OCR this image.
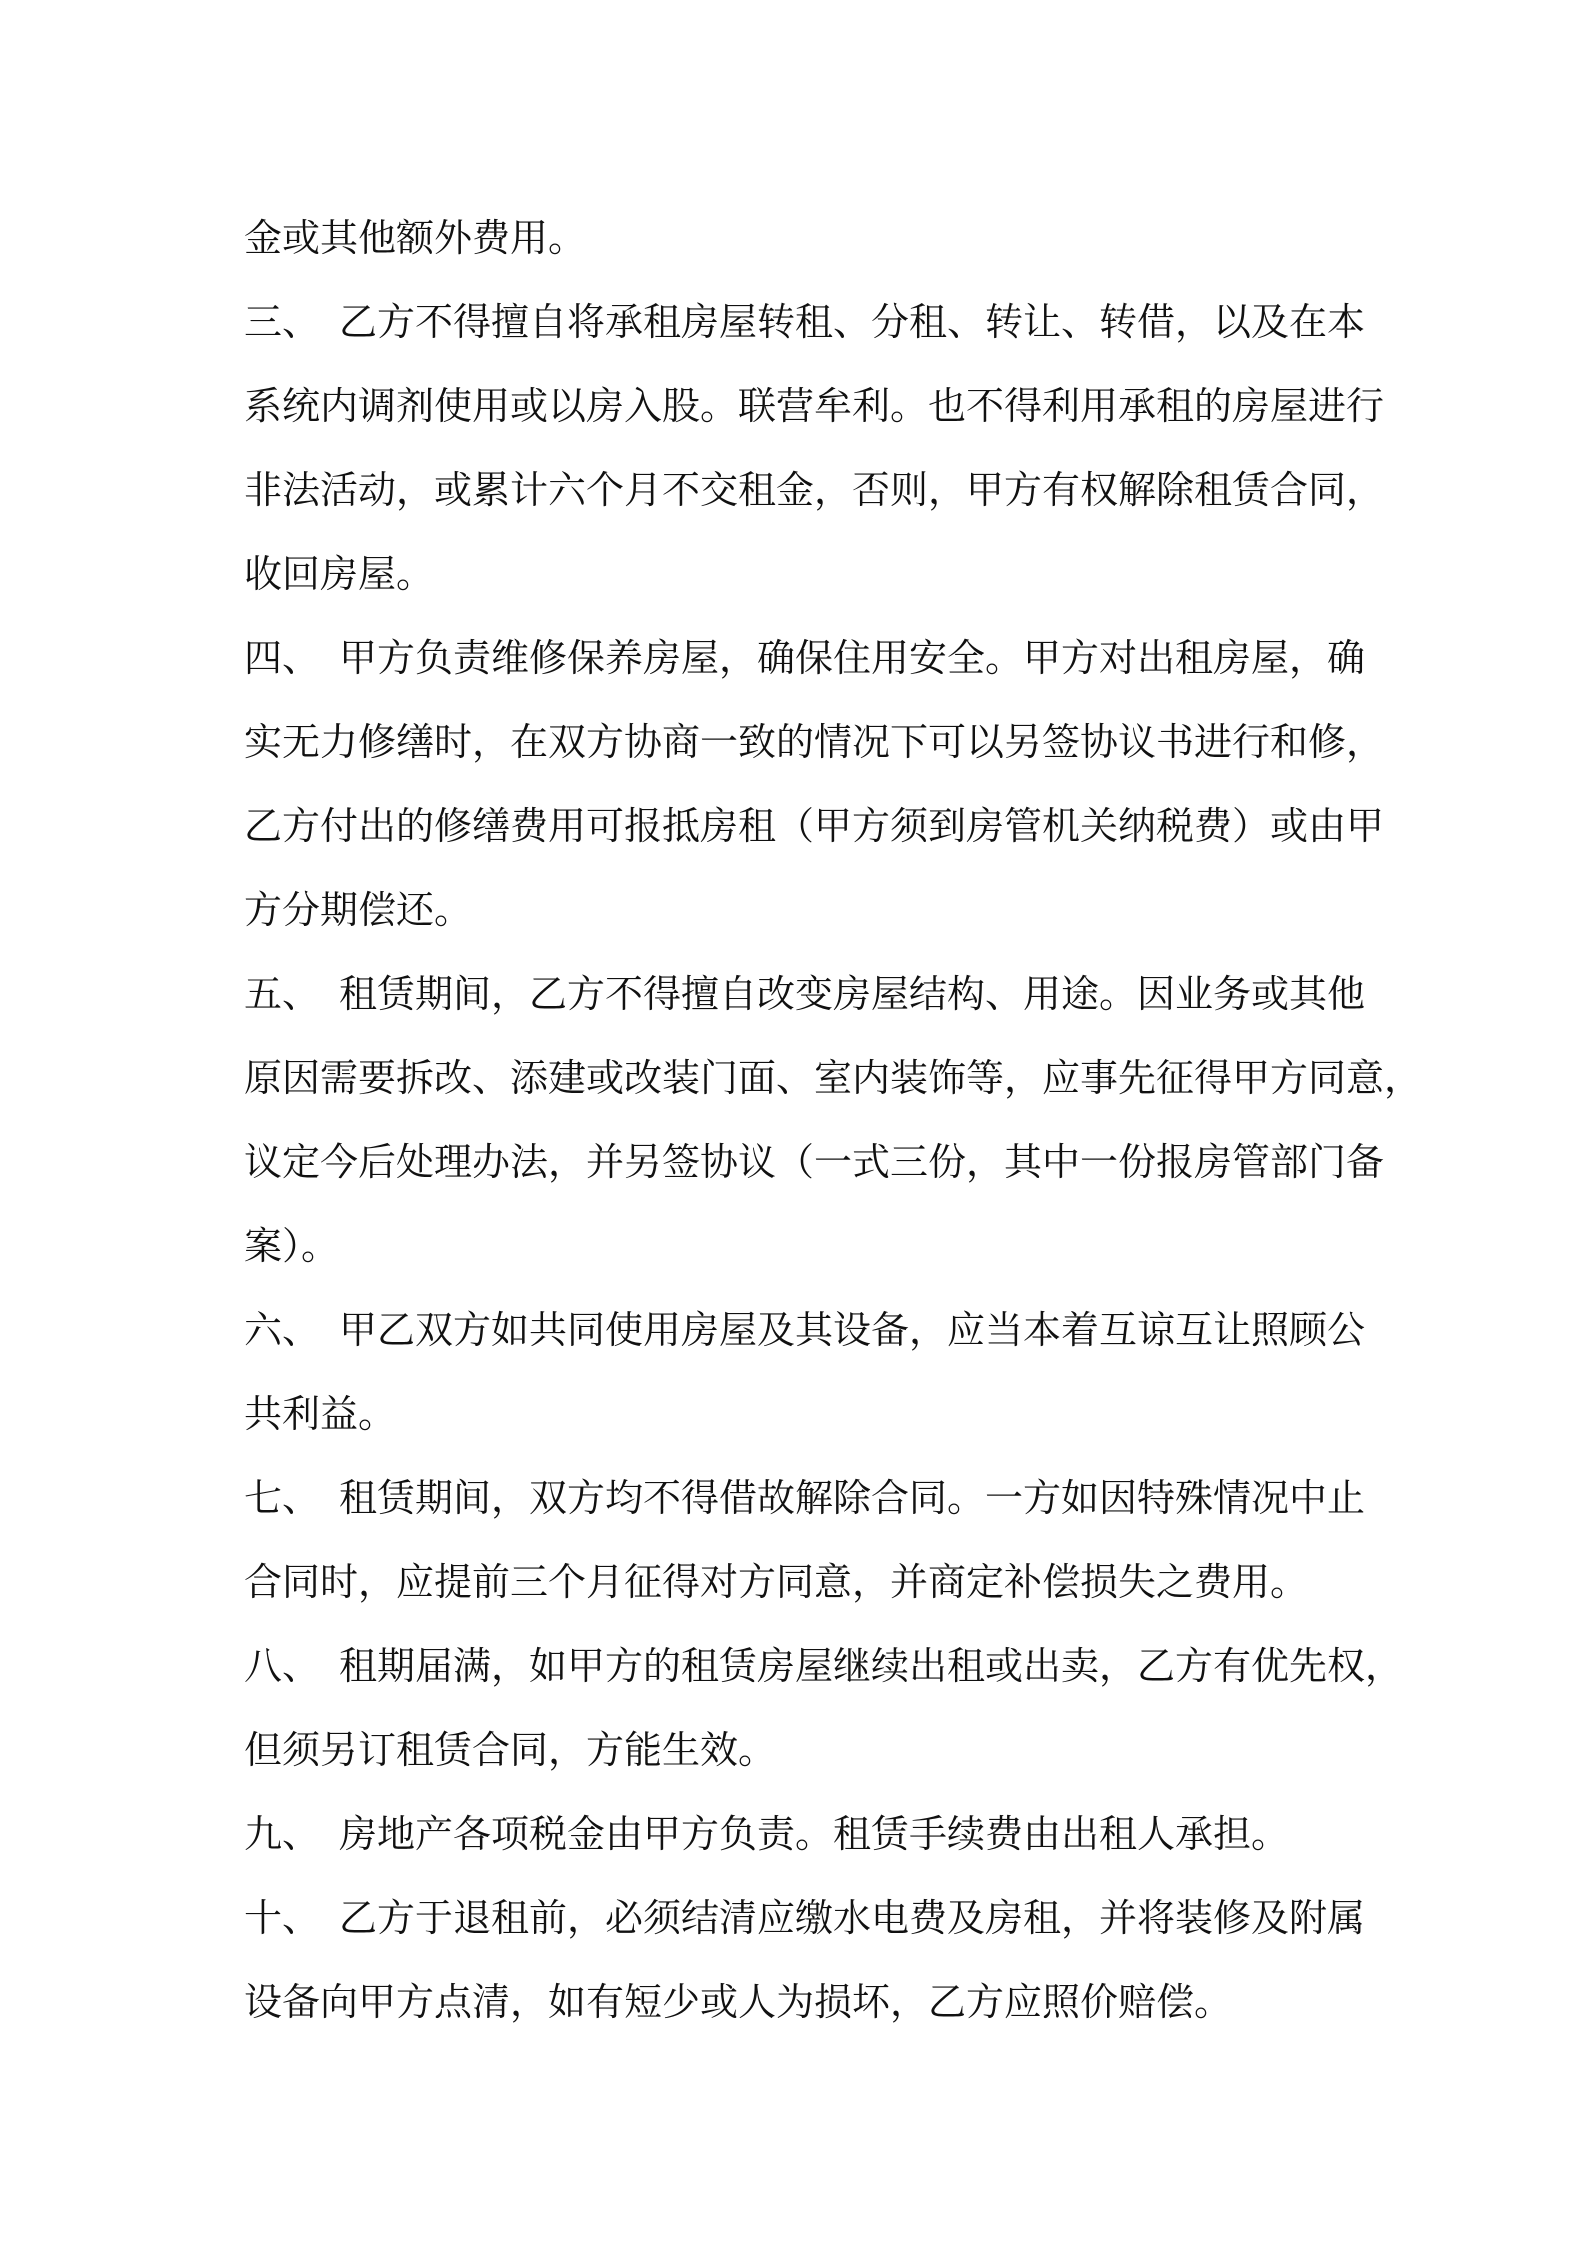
金或其他额外费用。
三、 乙方不得擅自将承租房屋转租、分租、转让、转借，以及在本
系统内调剂使用或以房入股。联营牟利。也不得利用承租的房屋进行
非法活动，或累计六个月不交租金，否则，甲方有权解除租赁合同，
收回房屋。
四、 甲方负责维修保养房屋，确保住用安全。甲方对出租房屋，确
实无力修缮时，在双方协商一致的情况下可以另签协议书进行和修，
乙方付出的修缮费用可报抵房租（甲方须到房管机关纳税费）或由甲
方分期偿还。
五、 租赁期间，乙方不得擅自改变房屋结构、用途。因业务或其他
原因需要拆改、添建或改装门面、室内装饰等，应事先征得甲方同意，
议定今后处理办法，并另签协议（一式三份，其中一份报房管部门备
案）。
六、 甲乙双方如共同使用房屋及其设备，应当本着互谅互让照顾公
共利益。
七、 租赁期间，双方均不得借故解除合同。一方如因特殊情况中止
合同时，应提前三个月征得对方同意，并商定补偿损失之费用。
八、 租期届满，如甲方的租赁房屋继续出租或出卖，乙方有优先权，
但须另订租赁合同，方能生效。
九、 房地产各项税金由甲方负责。租赁手续费由出租人承担。
十、 乙方于退租前，必须结清应缴水电费及房租，并将装修及附属
设备向甲方点清，如有短少或人为损坏，乙方应照价赔偿。
